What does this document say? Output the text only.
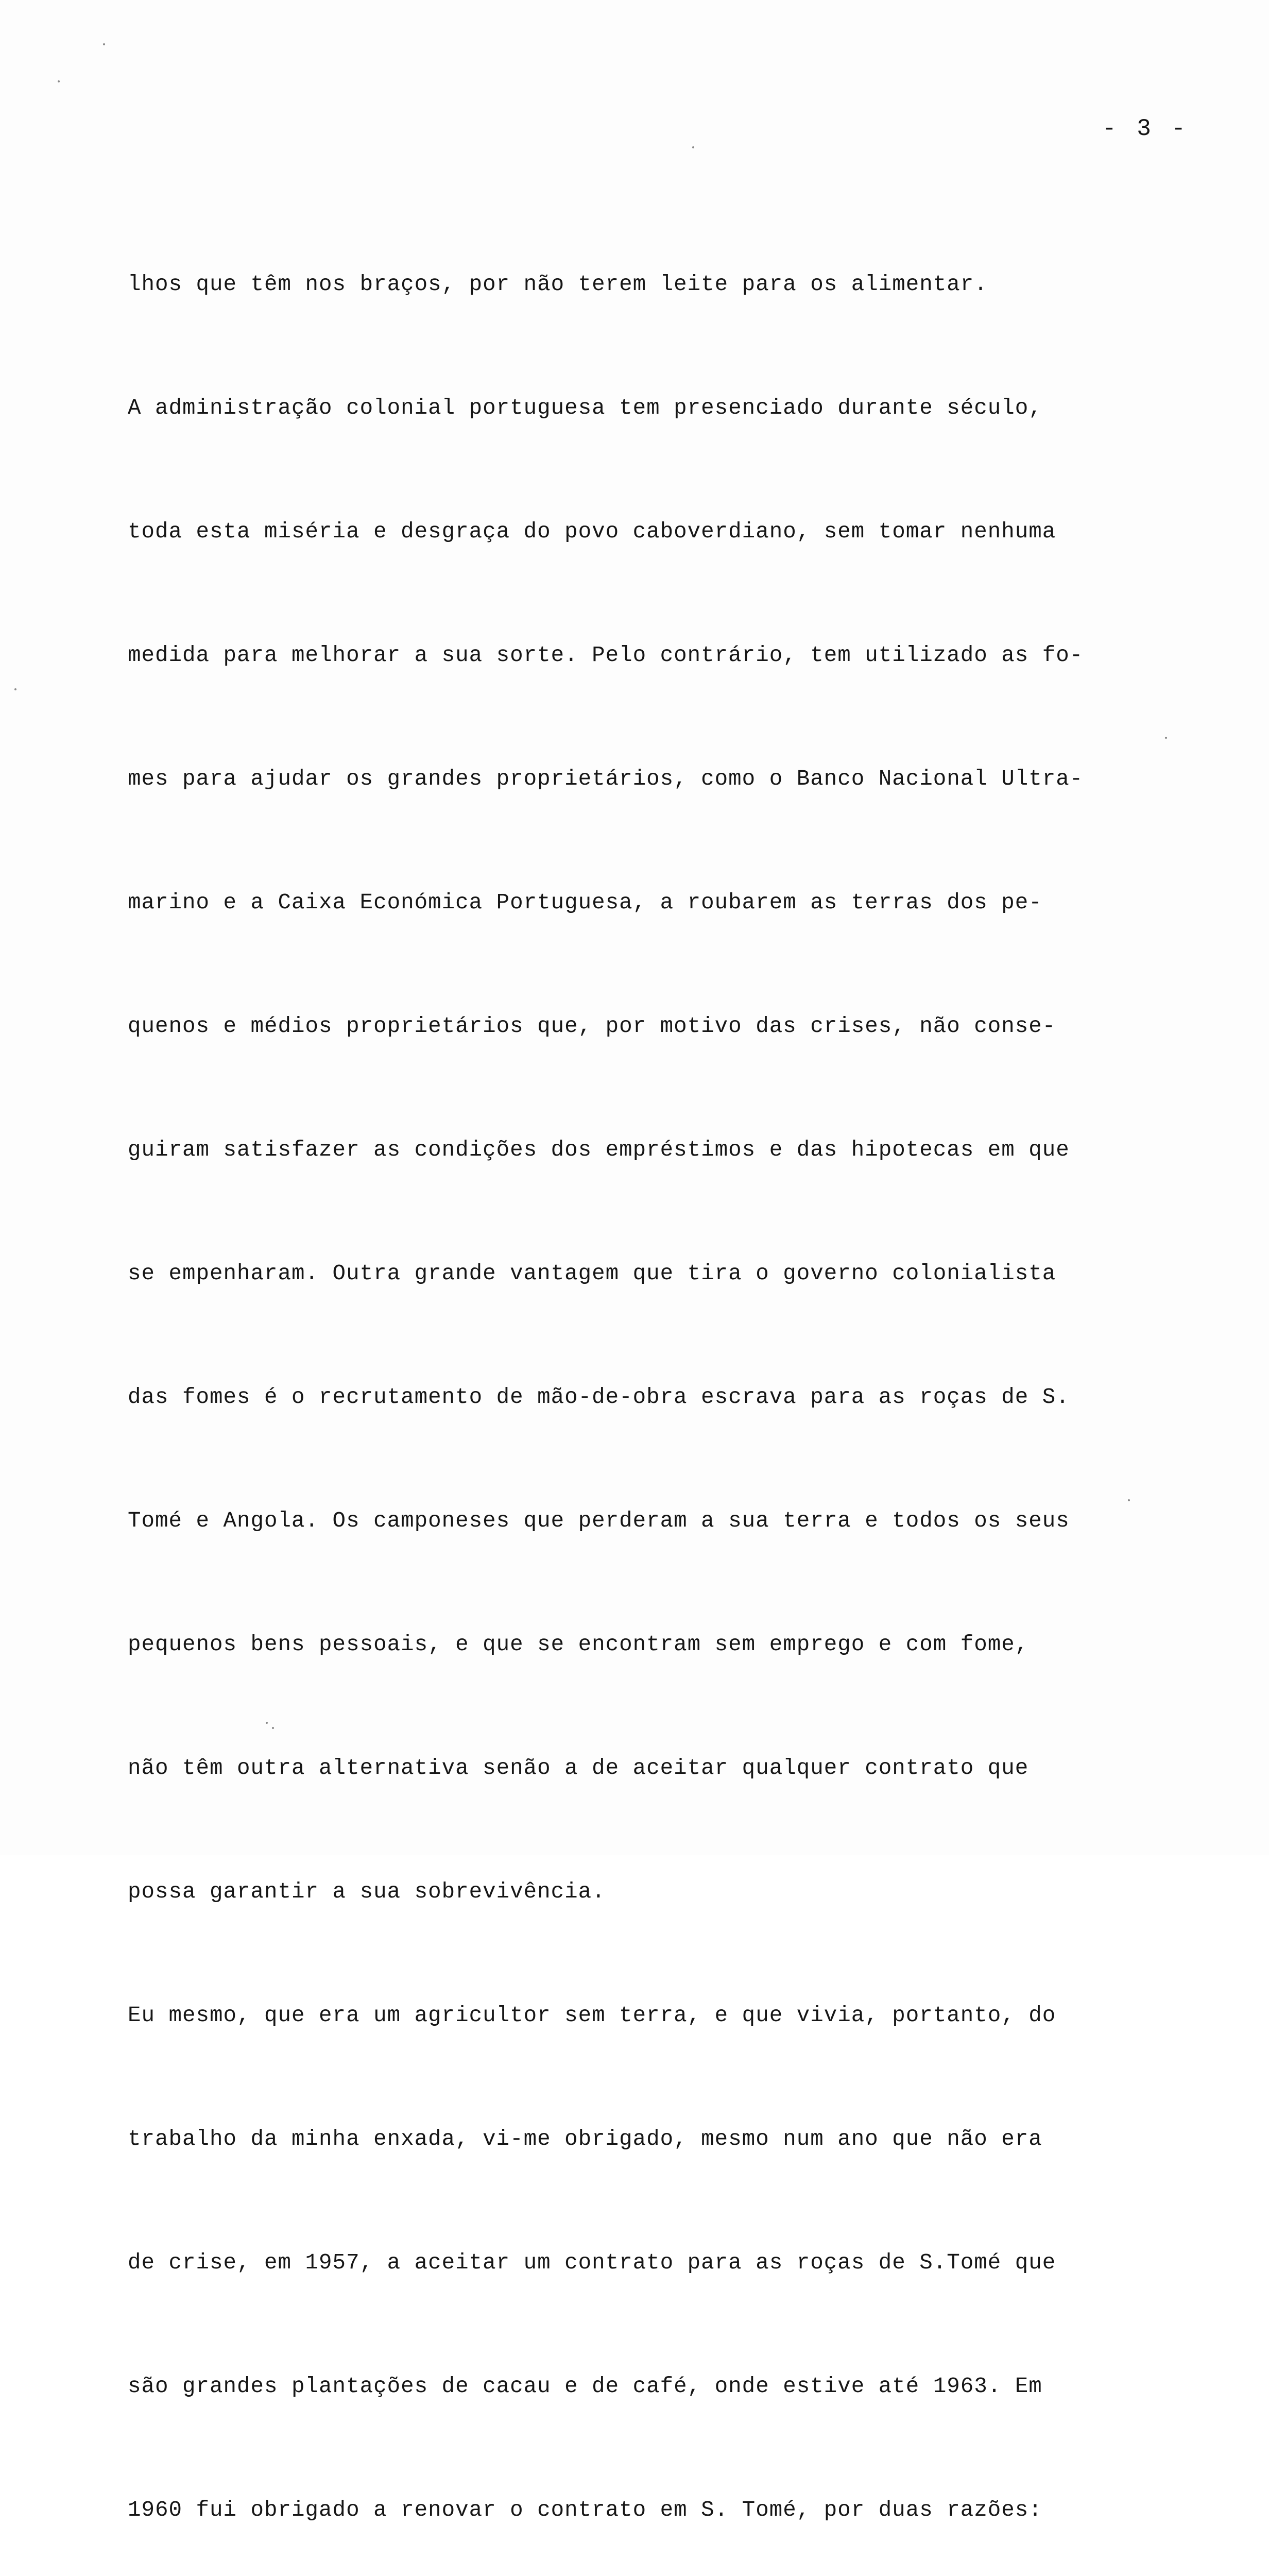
- 3 -

lhos que têm nos braços, por não terem leite para os alimentar.

A administração colonial portuguesa tem presenciado durante século,

toda esta miséria e desgraça do povo caboverdiano, sem tomar nenhuma

medida para melhorar a sua sorte. Pelo contrário, tem utilizado as fo-

mes para ajudar os grandes proprietários, como o Banco Nacional Ultra-

marino e a Caixa Económica Portuguesa, a roubarem as terras dos pe-

quenos e médios proprietários que, por motivo das crises, não conse-

guiram satisfazer as condições dos empréstimos e das hipotecas em que

se empenharam. Outra grande vantagem que tira o governo colonialista

das fomes é o recrutamento de mão-de-obra escrava para as roças de S.

Tomé e Angola. Os camponeses que perderam a sua terra e todos os seus

pequenos bens pessoais, e que se encontram sem emprego e com fome,

não têm outra alternativa senão a de aceitar qualquer contrato que

possa garantir a sua sobrevivência.

Eu mesmo, que era um agricultor sem terra, e que vivia, portanto, do

trabalho da minha enxada, vi-me obrigado, mesmo num ano que não era

de crise, em 1957, a aceitar um contrato para as roças de S.Tomé que

são grandes plantações de cacau e de café, onde estive até 1963. Em

1960 fui obrigado a renovar o contrato em S. Tomé, por duas razões:
